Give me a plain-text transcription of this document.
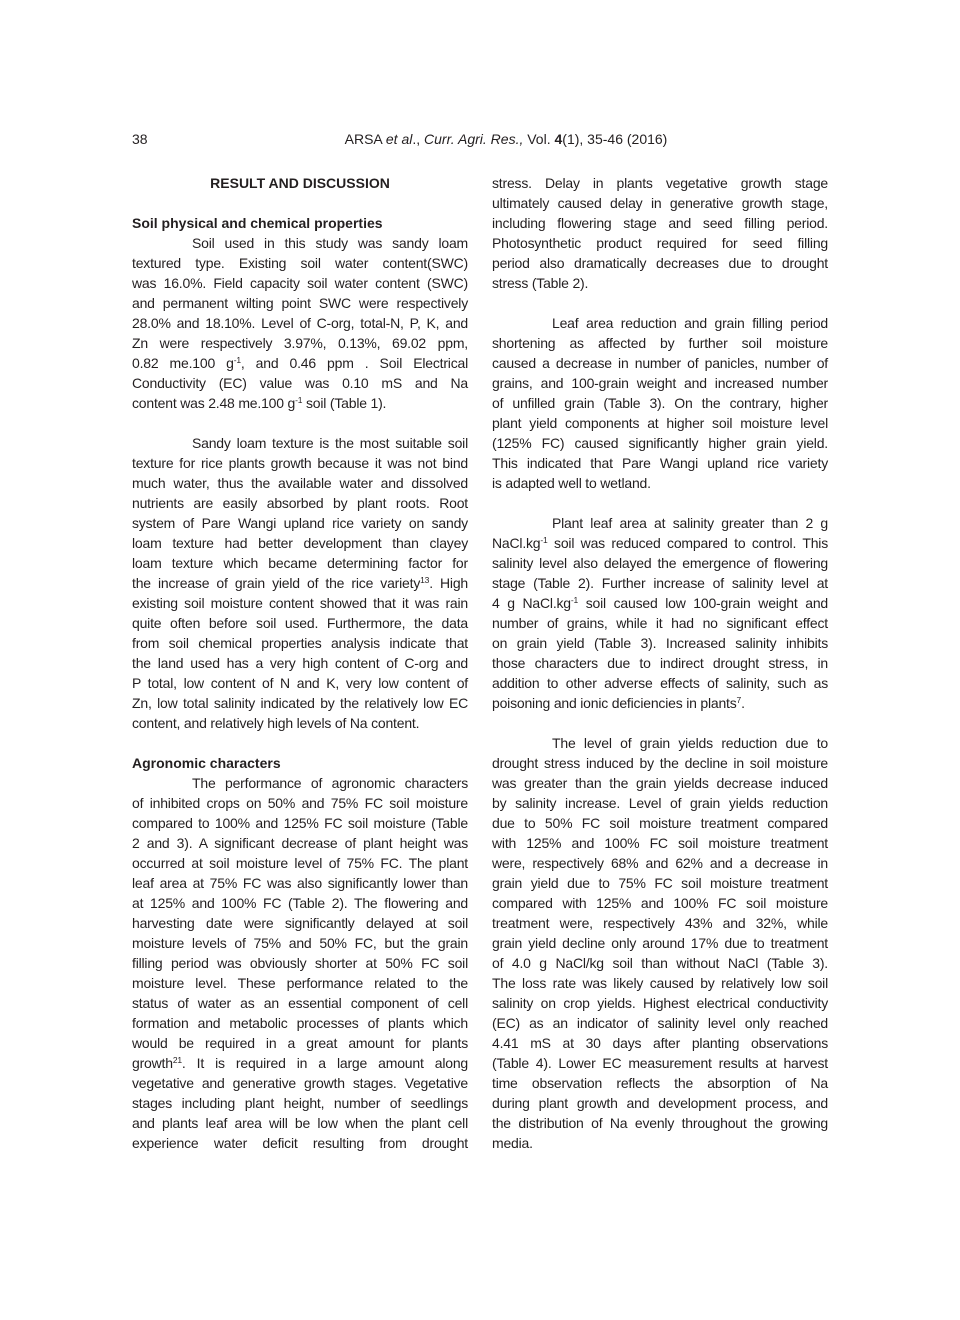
38	ARSA et al., Curr. Agri. Res., Vol. 4(1), 35-46 (2016)
RESULT AND DISCUSSION
Soil physical and chemical properties
Soil used in this study was sandy loam
textured type. Existing soil water content(SWC)
was 16.0%. Field capacity soil water content (SWC)
and permanent wilting point SWC were respectively
28.0% and 18.10%. Level of C-org, total-N, P, K, and
Zn were respectively 3.97%, 0.13%, 69.02 ppm,
0.82 me.100 $g^{-1}$, and 0.46 ppm . Soil Electrical
Conductivity (EC) value was 0.10 mS and Na
content was 2.48 me.100 $g^{-1}$ soil (Table 1).
Sandy loam texture is the most suitable soil
texture for rice plants growth because it was not bind
much water, thus the available water and dissolved
nutrients are easily absorbed by plant roots. Root
system of Pare Wangi upland rice variety on sandy
loam texture had better development than clayey
loam texture which became determining factor for
the increase of grain yield of the rice variety$^{13}$. High
existing soil moisture content showed that it was rain
quite often before soil used. Furthermore, the data
from soil chemical properties analysis indicate that
the land used has a very high content of C-org and
P total, low content of N and K, very low content of
Zn, low total salinity indicated by the relatively low EC
content, and relatively high levels of Na content.
Agronomic characters
The performance of agronomic characters
of inhibited crops on 50% and 75% FC soil moisture
compared to 100% and 125% FC soil moisture (Table
2 and 3). A significant decrease of plant height was
occurred at soil moisture level of 75% FC. The plant
leaf area at 75% FC was also significantly lower than
at 125% and 100% FC (Table 2). The flowering and
harvesting date were significantly delayed at soil
moisture levels of 75% and 50% FC, but the grain
filling period was obviously shorter at 50% FC soil
moisture level. These performance related to the
status of water as an essential component of cell
formation and metabolic processes of plants which
would be required in a great amount for plants
growth$^{21}$. It is required in a large amount along
vegetative and generative growth stages. Vegetative
stages including plant height, number of seedlings
and plants leaf area will be low when the plant cell
experience water deficit resulting from drought
stress. Delay in plants vegetative growth stage
ultimately caused delay in generative growth stage,
including flowering stage and seed filling period.
Photosynthetic product required for seed filling
period also dramatically decreases due to drought
stress (Table 2).
Leaf area reduction and grain filling period
shortening as affected by further soil moisture
caused a decrease in number of panicles, number of
grains, and 100-grain weight and increased number
of unfilled grain (Table 3). On the contrary, higher
plant yield components at higher soil moisture level
(125% FC) caused significantly higher grain yield.
This indicated that Pare Wangi upland rice variety
is adapted well to wetland.
Plant leaf area at salinity greater than 2 g
$NaCl.kg^{-1}$ soil was reduced compared to control. This
salinity level also delayed the emergence of flowering
stage (Table 2). Further increase of salinity level at
4 g $NaCl.kg^{-1}$ soil caused low 100-grain weight and
number of grains, while it had no significant effect
on grain yield (Table 3). Increased salinity inhibits
those characters due to indirect drought stress, in
addition to other adverse effects of salinity, such as
poisoning and ionic deficiencies in plants$^7$.
The level of grain yields reduction due to
drought stress induced by the decline in soil moisture
was greater than the grain yields decrease induced
by salinity increase. Level of grain yields reduction
due to 50% FC soil moisture treatment compared
with 125% and 100% FC soil moisture treatment
were, respectively 68% and 62% and a decrease in
grain yield due to 75% FC soil moisture treatment
compared with 125% and 100% FC soil moisture
treatment were, respectively 43% and 32%, while
grain yield decline only around 17% due to treatment
of 4.0 g NaCl/kg soil than without NaCl (Table 3).
The loss rate was likely caused by relatively low soil
salinity on crop yields. Highest electrical conductivity
(EC) as an indicator of salinity level only reached
4.41 mS at 30 days after planting observations
(Table 4). Lower EC measurement results at harvest
time observation reflects the absorption of Na
during plant growth and development process, and
the distribution of Na evenly throughout the growing
media.
